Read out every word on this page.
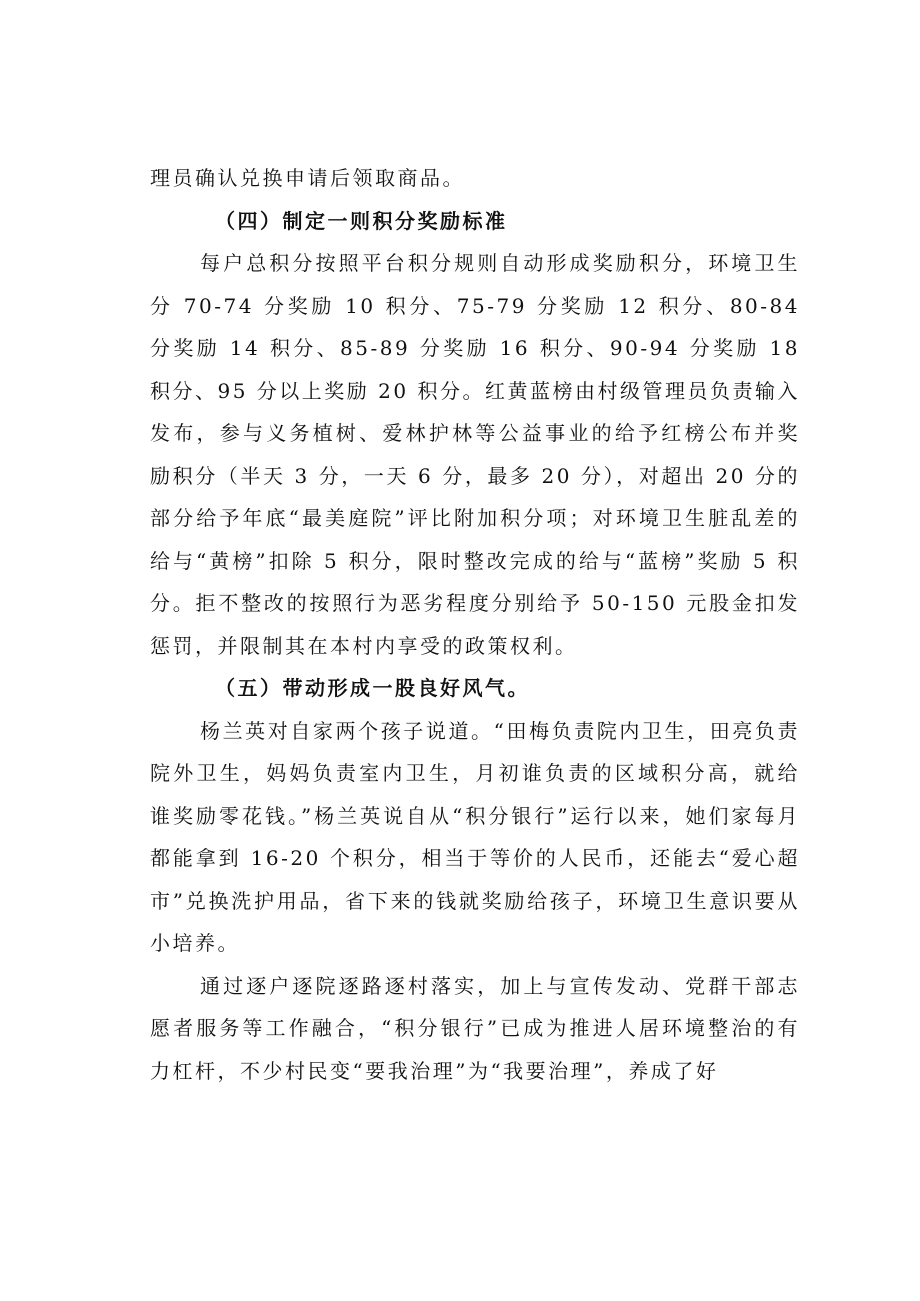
理员确认兑换申请后领取商品。

（四）制定一则积分奖励标准

每户总积分按照平台积分规则自动形成奖励积分，环境卫生分 70-74 分奖励 10 积分、75-79 分奖励 12 积分、80-84 分奖励 14 积分、85-89 分奖励 16 积分、90-94 分奖励 18 积分、95 分以上奖励 20 积分。红黄蓝榜由村级管理员负责输入发布，参与义务植树、爱林护林等公益事业的给予红榜公布并奖励积分（半天 3 分，一天 6 分，最多 20 分），对超出 20 分的部分给予年底“最美庭院”评比附加积分项；对环境卫生脏乱差的给与“黄榜”扣除 5 积分，限时整改完成的给与“蓝榜”奖励 5 积分。拒不整改的按照行为恶劣程度分别给予 50-150 元股金扣发惩罚，并限制其在本村内享受的政策权利。

（五）带动形成一股良好风气。

杨兰英对自家两个孩子说道。“田梅负责院内卫生，田亮负责院外卫生，妈妈负责室内卫生，月初谁负责的区域积分高，就给谁奖励零花钱。”杨兰英说自从“积分银行”运行以来，她们家每月都能拿到 16-20 个积分，相当于等价的人民币，还能去“爱心超市”兑换洗护用品，省下来的钱就奖励给孩子，环境卫生意识要从小培养。

通过逐户逐院逐路逐村落实，加上与宣传发动、党群干部志愿者服务等工作融合，“积分银行”已成为推进人居环境整治的有力杠杆，不少村民变“要我治理”为“我要治理”，养成了好
